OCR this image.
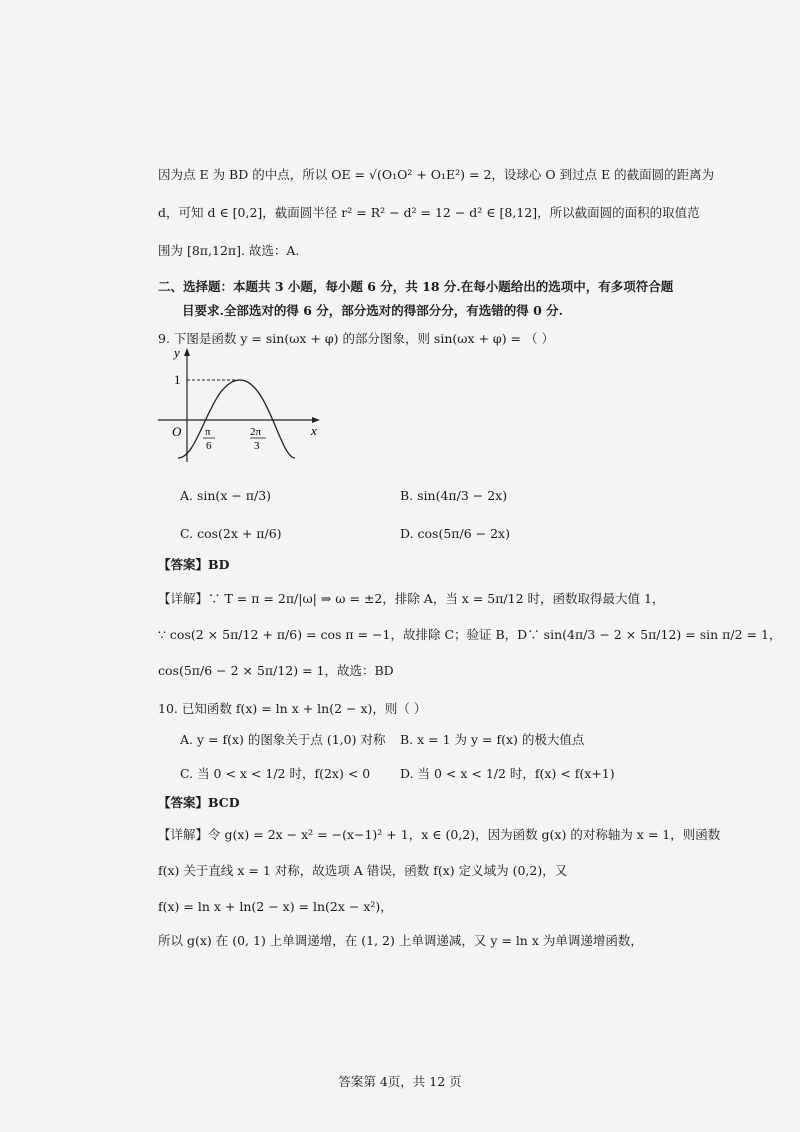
因为点 E 为 BD 的中点，所以 OE = √(O₁O² + O₁E²) = 2，设球心 O 到过点 E 的截面圆的距离为
d，可知 d ∈ [0,2]，截面圆半径 r² = R² − d² = 12 − d² ∈ [8,12]，所以截面圆的面积的取值范
围为 [8π,12π]. 故选：A.
二、选择题：本题共 3 小题，每小题 6 分，共 18 分.在每小题给出的选项中，有多项符合题
目要求.全部选对的得 6 分，部分选对的得部分分，有选错的得 0 分.
9. 下图是函数 y = sin(ωx + φ) 的部分图象，则 sin(ωx + φ) = （ ）
y
x
O
1
π
6
2π
3
A. sin(x − π/3)	B. sin(4π/3 − 2x)
C. cos(2x + π/6)	D. cos(5π/6 − 2x)
【答案】BD
【详解】∵ T = π = 2π/|ω| ⇒ ω = ±2，排除 A，当 x = 5π/12 时，函数取得最大值 1，
∵ cos(2 × 5π/12 + π/6) = cos π = −1，故排除 C；验证 B，D∵ sin(4π/3 − 2 × 5π/12) = sin π/2 = 1，
cos(5π/6 − 2 × 5π/12) = 1，故选：BD
10. 已知函数 f(x) = ln x + ln(2 − x)，则（ ）
A. y = f(x) 的图象关于点 (1,0) 对称 B. x = 1 为 y = f(x) 的极大值点
C. 当 0 < x < 1/2 时，f(2x) < 0 D. 当 0 < x < 1/2 时，f(x) < f(x+1)
【答案】BCD
【详解】令 g(x) = 2x − x² = −(x−1)² + 1，x ∈ (0,2)，因为函数 g(x) 的对称轴为 x = 1，则函数
f(x) 关于直线 x = 1 对称，故选项 A 错误，函数 f(x) 定义域为 (0,2)，又
f(x) = ln x + ln(2 − x) = ln(2x − x²)，
所以 g(x) 在 (0, 1) 上单调递增，在 (1, 2) 上单调递减，又 y = ln x 为单调递增函数，
答案第 4页，共 12 页
